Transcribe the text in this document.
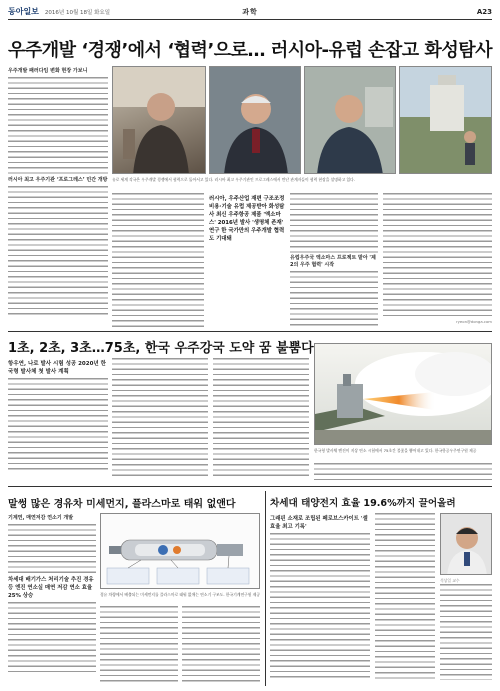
동아일보 2016년 10월 18일 화요일	과학	A23
우주개발 ‘경쟁’에서 ‘협력’으로… 러시아-유럽 손잡고 화성탐사
우주개발 패러다임 변화 현장 가보니
러시아 최고 우주기관 ‘프로그레스’ 민간 개방 유로 세계 각국은 우주개발 경쟁에서 협력으로 돌아서고 있다. 러시아 최고 우주기관인 프로그레스에서 만난 관계자들이 협력 현장을 설명하고 있다.
러시아, 우주산업 재편 구조조정 비용·기술 유럽 제공받아 화성탐사 최신 우주항공 제품 '엑소마스' 2016년 발사 '생명체 존재' 연구 한 국가만의 우주개발 협력도 기대돼
유럽우주국 엑소마스 프로젝트 맡아 '제 2의 우주 협력' 시작
ryeon@donga.com
1초, 2초, 3초…75초, 한국 우주강국 도약 꿈 불뿜다
항우연, 나로 발사 시험 성공 2020년 한국형 발사체 첫 발사 계획
한국형 발사체 엔진이 지상 연소 시험에서 75초간 불꽃을 뿜어내고 있다. 한국항공우주연구원 제공
말썽 많은 경유차 미세먼지, 플라스마로 태워 없앤다
기계연, 매연저감 연소기 개발
차세대 배기가스 처리기술 추진 경유 등 엔진 연소실 매연 저감 연소 효율 25% 상승	경유 차량에서 배출되는 미세먼지를 플라스마로 태워 없애는 연소기 구조도. 한국기계연구원 제공
차세대 태양전지 효율 19.6%까지 끌어올려
그래핀 소재로 조립된 페로브스카이트 '셀 효율 최고 기록'
석상일 교수
